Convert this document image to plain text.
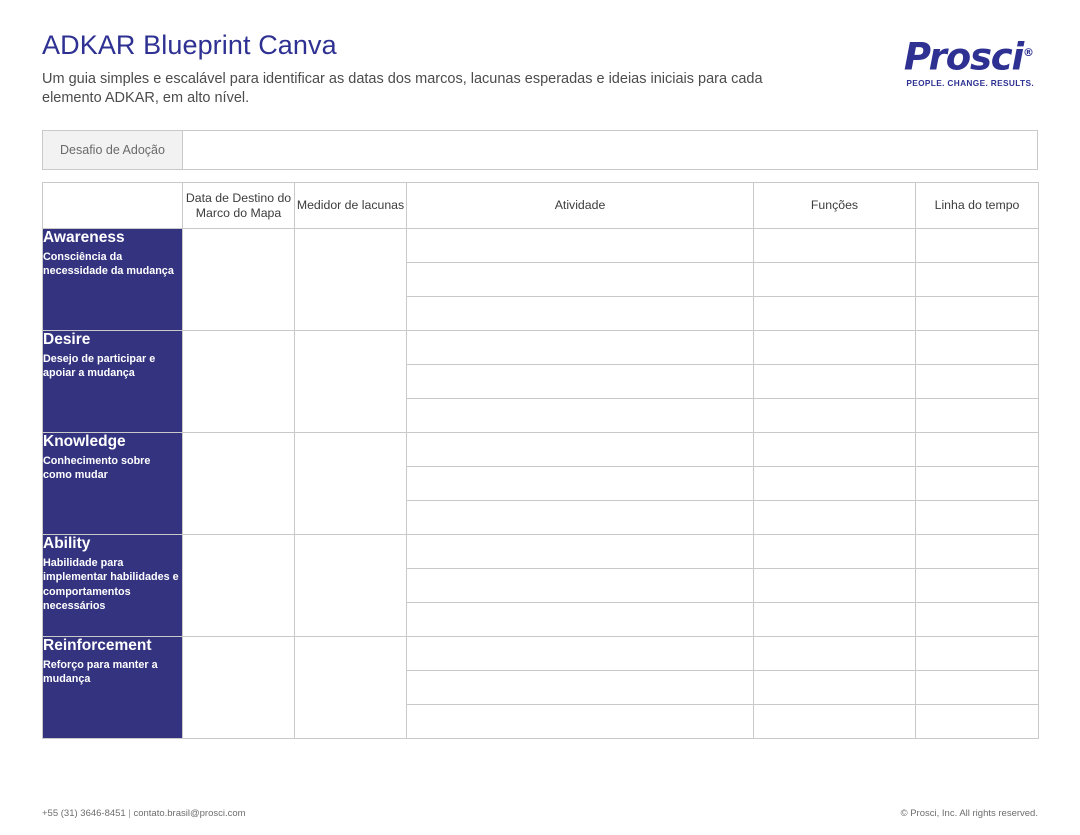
ADKAR Blueprint Canva

Um guia simples e escalável para identificar as datas dos marcos, lacunas esperadas e ideias iniciais para cada elemento ADKAR, em alto nível.

Prosci®
PEOPLE. CHANGE. RESULTS.
Desafio de Adoção
	Data de Destino do Marco do Mapa	Medidor de lacunas	Atividade	Funções	Linha do tempo

Awareness
Consciência da necessidade da mudança					

Desire
Desejo de participar e apoiar a mudança					

Knowledge
Conhecimento sobre como mudar					

Ability
Habilidade para implementar habilidades e comportamentos necessários					

Reinforcement
Reforço para manter a mudança					

+55 (31) 3646-8451 | contato.brasil@prosci.com	© Prosci, Inc. All rights reserved.
